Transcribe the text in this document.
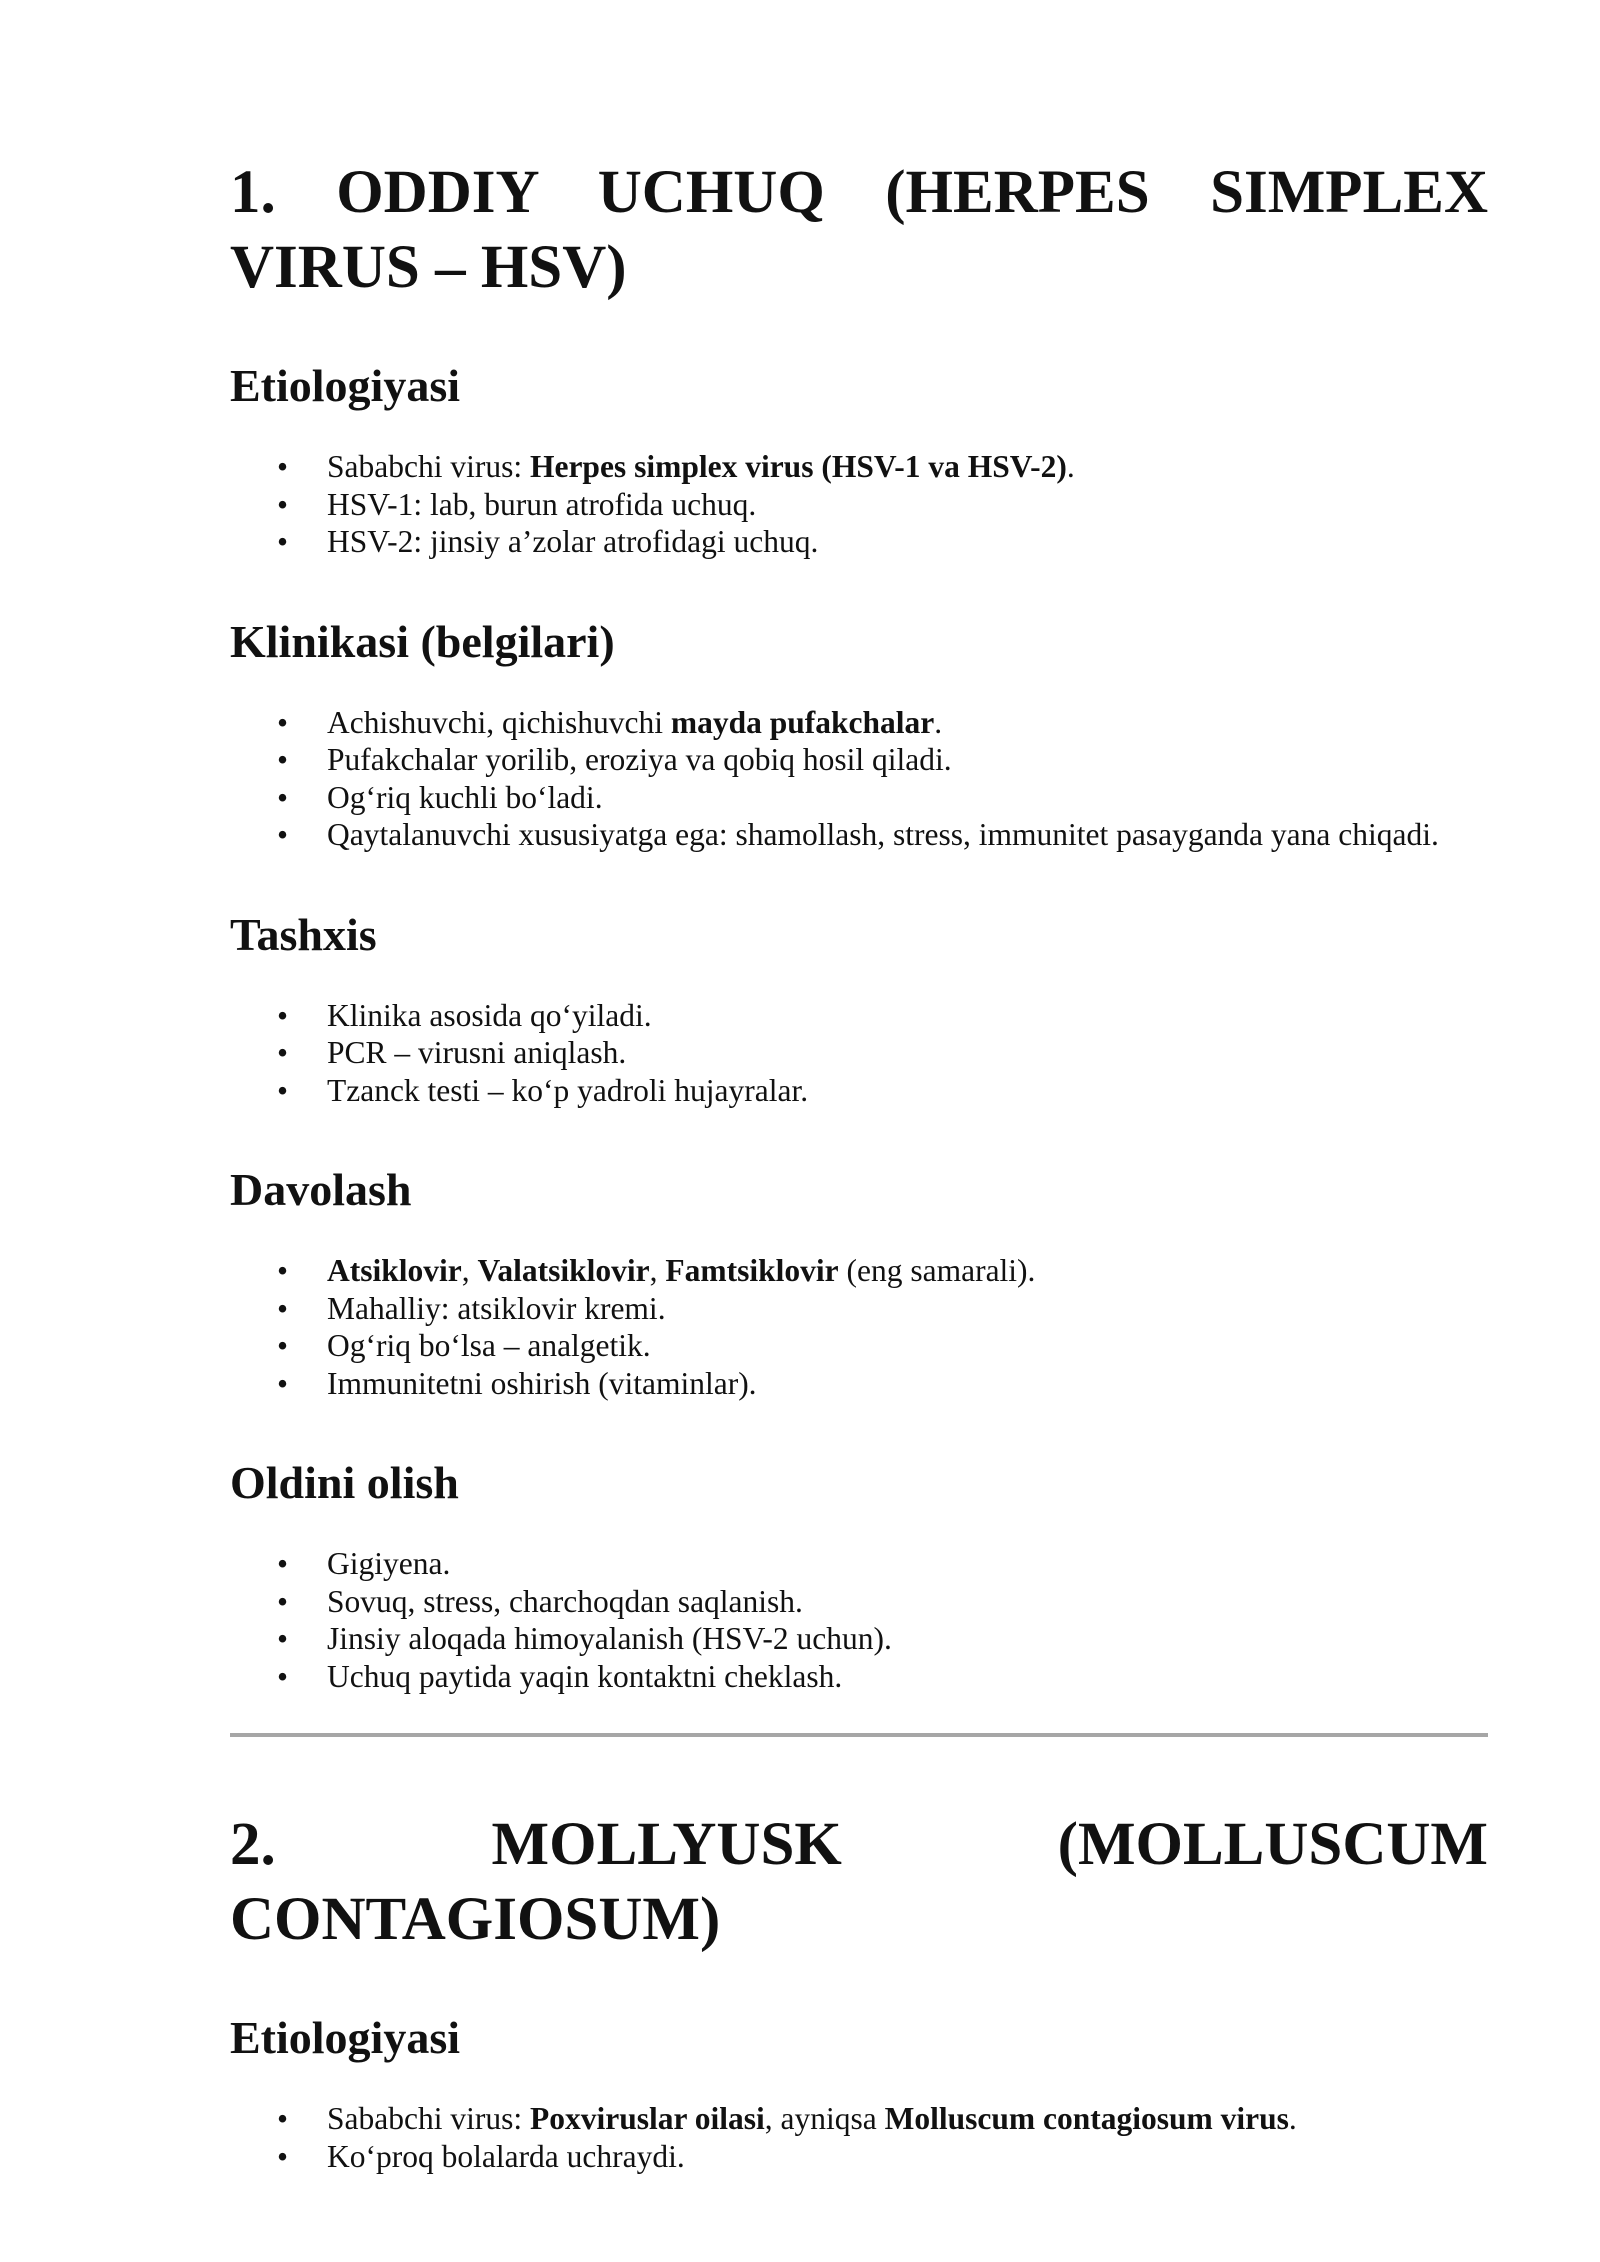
1. ODDIY UCHUQ (HERPES SIMPLEX VIRUS – HSV)
Etiologiyasi
• Sababchi virus: Herpes simplex virus (HSV-1 va HSV-2).
• HSV-1: lab, burun atrofida uchuq.
• HSV-2: jinsiy a’zolar atrofidagi uchuq.
Klinikasi (belgilari)
• Achishuvchi, qichishuvchi mayda pufakchalar.
• Pufakchalar yorilib, eroziya va qobiq hosil qiladi.
• Og‘riq kuchli bo‘ladi.
• Qaytalanuvchi xususiyatga ega: shamollash, stress, immunitet pasayganda yana chiqadi.
Tashxis
• Klinika asosida qo‘yiladi.
• PCR – virusni aniqlash.
• Tzanck testi – ko‘p yadroli hujayralar.
Davolash
• Atsiklovir, Valatsiklovir, Famtsiklovir (eng samarali).
• Mahalliy: atsiklovir kremi.
• Og‘riq bo‘lsa – analgetik.
• Immunitetni oshirish (vitaminlar).
Oldini olish
• Gigiyena.
• Sovuq, stress, charchoqdan saqlanish.
• Jinsiy aloqada himoyalanish (HSV-2 uchun).
• Uchuq paytida yaqin kontaktni cheklash.
2. MOLLYUSK (MOLLUSCUM CONTAGIOSUM)
Etiologiyasi
• Sababchi virus: Poxviruslar oilasi, ayniqsa Molluscum contagiosum virus.
• Ko‘proq bolalarda uchraydi.
